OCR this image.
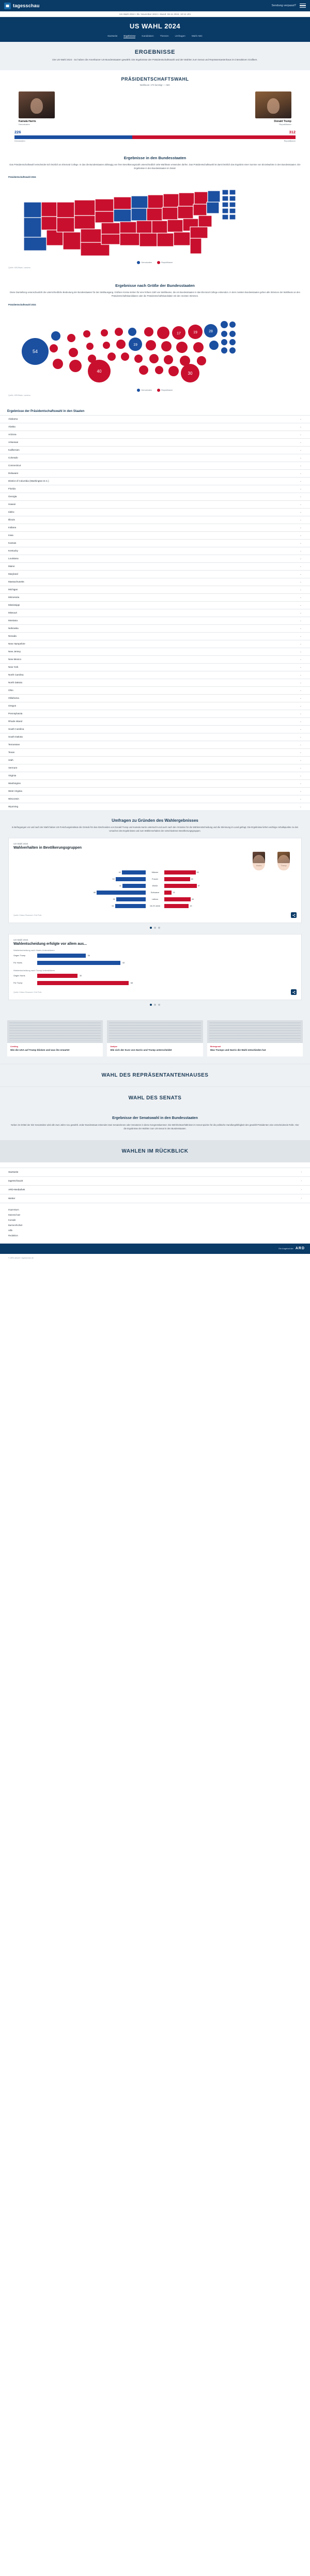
tagesschau	Sendung verpasst?
US-Wahl 2024 • 05. November 2024 • Stand: 06.11.2024, 10:12 Uhr
US WAHL 2024
Startseite	Ergebnisse	Kandidaten	Themen	Umfragen	Wahl-ABC
ERGEBNISSE

Die US-Wahl 2024 - So haben die Amerikaner US-Bundesstaaten gewählt. Die Ergebnisse der Präsidentschaftswahl und der Wahlen zum Senat und Repräsentantenhaus im interaktiven Grafiken.

PRÄSIDENTSCHAFTSWAHL
Wahlleute: 270 benötigt — ABC
Kamala Harris
Demokraten
Donald Trump
Republikaner
226	312
Demokraten	Republikaner
Ergebnisse in den Bundesstaaten

Das Präsidentschaftswahl entscheidet sich letztlich an Electoral College. In das die Bundesstaaten abhängig von ihrer Bevölkerungszahl unterschiedlich viele Wahlleute entsenden dürfen. Das Präsidentschaftswahl ist damit letztlich das Ergebnis einer Summe von Einzelwahlen in den Bundesstaaten. Die Ergebnisse in den Bundesstaaten im Detail.

Präsidentschaftswahl 2024
Demokraten	Republikaner
Quelle: ARD/Basis: Landesa
Ergebnisse nach Größe der Bundesstaaten

Diese Darstellung veranschaulicht die unterschiedliche Bedeutung der Bundesstaaten für den Wahlausgang. Größere Kreise stehen für eine höhere Zahl von Wahlleuten, die ein Bundesstaaten in das Electoral College entsenden. In dem meisten Bundesstaaten gehen alle Stimmen der Wahlleute an den Präsidentschaftskandidaten oder die Präsidentschaftskandidatin mit den meisten Stimmen.

Präsidentschaftswahl 2024
54
40
19
17
30
19	28
Demokraten	Republikaner
Quelle: ARD/Basis: Landesa
Ergebnisse der Präsidentschaftswahl in den Staaten
Alabama	⌄
Alaska	⌄
Arizona	⌄
Arkansas	⌄
Kalifornien	⌄
Colorado	⌄
Connecticut	⌄
Delaware	⌄
District of Columbia (Washington D.C.)	⌄
Florida	⌄
Georgia	⌄
Hawaii	⌄
Idaho	⌄
Illinois	⌄
Indiana	⌄
Iowa	⌄
Kansas	⌄
Kentucky	⌄
Louisiana	⌄
Maine	⌄
Maryland	⌄
Massachusetts	⌄
Michigan	⌄
Minnesota	⌄
Mississippi	⌄
Missouri	⌄
Montana	⌄
Nebraska	⌄
Nevada	⌄
New Hampshire	⌄
New Jersey	⌄
New Mexico	⌄
New York	⌄
North Carolina	⌄
North Dakota	⌄
Ohio	⌄
Oklahoma	⌄
Oregon	⌄
Pennsylvania	⌄
Rhode Island	⌄
South Carolina	⌄
South Dakota	⌄
Tennessee	⌄
Texas	⌄
Utah	⌄
Vermont	⌄
Virginia	⌄
Washington	⌄
West Virginia	⌄
Wisconsin	⌄
Wyoming	⌄
Umfragen zu Gründen des Wahlergebnisses

In Befragungen vor und nach der Wahl haben US-Forschungsinstitute die Gründe für das Abschneiden von Donald Trump und Kamala Harris untersucht und auch nach den Gründen für die Wählerentscheidung und die Stimmung im Land gefragt. Die Ergebnisse liefern wichtige Anhaltspunkte zu den Ursachen des Ergebnisses und zum Wählerverhalten der verschiedenen Bevölkerungsgruppen.

US-Wahl 2024
Wahlverhalten in Bevölkerungsgruppen
42	Männer	55
53	Frauen	45
41	Weiße	57
86	Schwarze	13
52	Latinos	46
54	18-29 Jahre	43
Quelle: Edison Research / Exit Polls
US-Wahl 2024
Wahlentscheidung erfolgte vor allem aus...
Wahlentscheidung nach Harris-Unterstützern
Gegen Trump	36
Für Harris	62
Wahlentscheidung nach Trump-Unterstützern
Gegen Harris	30
Für Trump	68
Quelle: Edison Research / Exit Polls
Liveblog
Wie die USA auf Trump blicken und was ihn erwartet
Analyse
Wie sich der Kurs von Harris und Trump unterscheidet
Hintergrund
Was Trumps und Harris die Wahl entschieden hat
WAHL DES REPRÄSENTANTENHAUSES
WAHL DES SENATS
Ergebnisse der Senatswahl in den Bundesstaaten

Neben im Drittel der Sitz Senatssitze wird alle zwei Jahre neu gewählt. Jeder Bundesstaat entsendet zwei Senatorinnen oder Senatoren in diese Kongresskammer. Die Mehrheitsverhältnisse im Senat spielen für die politische Handlungsfähigkeit des gewählt Präsidenten eine entscheidende Rolle. Hier die Ergebnisse der Wahlen zum US-Senat in den Bundesstaaten.

WAHLEN IM RÜCKBLICK
Startseite	›
tagesschau24	›
ARD-Mediathek	›
Wetter	›
Impressum
Datenschutz
Kontakt
Barrierefreiheit
Hilfe
Redaktion
Ein Angebot der ARD
© ARD-aktuell / tagesschau.de
